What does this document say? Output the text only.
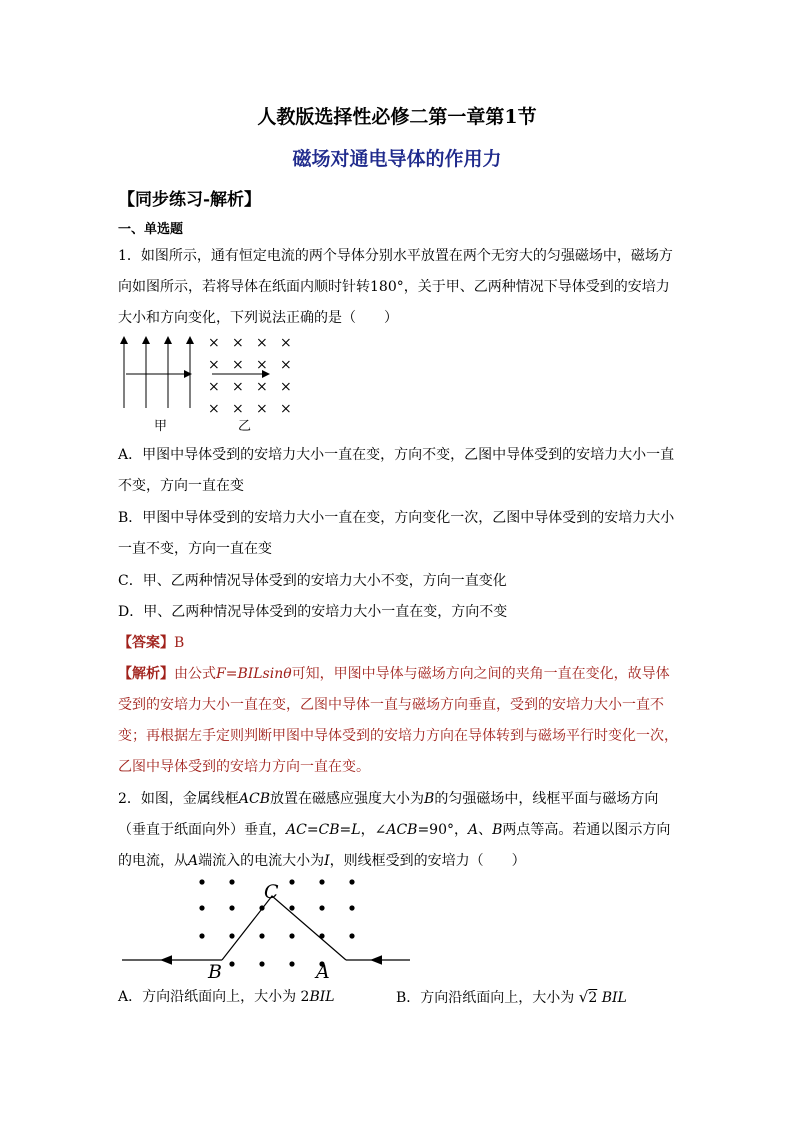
人教版选择性必修二第一章第1节
磁场对通电导体的作用力
【同步练习-解析】
一、单选题

1．如图所示，通有恒定电流的两个导体分别水平放置在两个无穷大的匀强磁场中，磁场方向如图所示，若将导体在纸面内顺时针转180°，关于甲、乙两种情况下导体受到的安培力大小和方向变化，下列说法正确的是（　　）

× × × ×
× × × ×
× × × ×
× × × ×
甲	乙

A．甲图中导体受到的安培力大小一直在变，方向不变，乙图中导体受到的安培力大小一直不变，方向一直在变

B．甲图中导体受到的安培力大小一直在变，方向变化一次，乙图中导体受到的安培力大小一直不变，方向一直在变

C．甲、乙两种情况导体受到的安培力大小不变，方向一直变化

D．甲、乙两种情况导体受到的安培力大小一直在变，方向不变

【答案】B

【解析】由公式F=BILsinθ可知，甲图中导体与磁场方向之间的夹角一直在变化，故导体受到的安培力大小一直在变，乙图中导体一直与磁场方向垂直，受到的安培力大小一直不变；再根据左手定则判断甲图中导体受到的安培力方向在导体转到与磁场平行时变化一次，乙图中导体受到的安培力方向一直在变。

2．如图，金属线框ACB放置在磁感应强度大小为B的匀强磁场中，线框平面与磁场方向（垂直于纸面向外）垂直，AC=CB=L，∠ACB=90°，A、B两点等高。若通以图示方向的电流，从A端流入的电流大小为I，则线框受到的安培力（　　）

C
B	A
A．方向沿纸面向上，大小为 2BIL	B．方向沿纸面向上，大小为 √2 BIL
